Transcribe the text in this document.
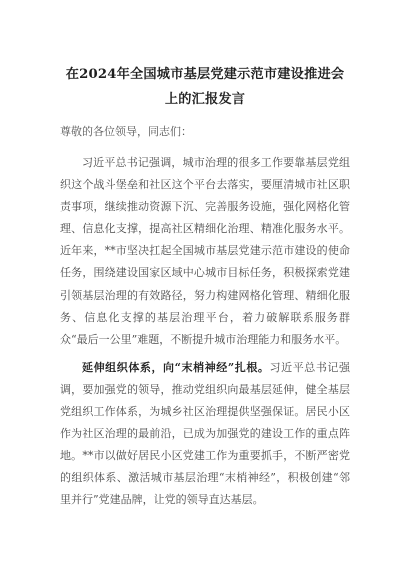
在2024年全国城市基层党建示范市建设推进会上的汇报发言
尊敬的各位领导，同志们：
习近平总书记强调，城市治理的很多工作要靠基层党组织这个战斗堡垒和社区这个平台去落实，要厘清城市社区职责事项，继续推动资源下沉、完善服务设施，强化网格化管理、信息化支撑，提高社区精细化治理、精准化服务水平。近年来，**市坚决扛起全国城市基层党建示范市建设的使命任务，围绕建设国家区域中心城市目标任务，积极探索党建引领基层治理的有效路径，努力构建网格化管理、精细化服务、信息化支撑的基层治理平台，着力破解联系服务群众“最后一公里”难题，不断提升城市治理能力和服务水平。
延伸组织体系，向“末梢神经”扎根。习近平总书记强调，要加强党的领导，推动党组织向最基层延伸，健全基层党组织工作体系，为城乡社区治理提供坚强保证。居民小区作为社区治理的最前沿，已成为加强党的建设工作的重点阵地。**市以做好居民小区党建工作为重要抓手，不断严密党的组织体系、激活城市基层治理“末梢神经”，积极创建“邻里并行”党建品牌，让党的领导直达基层。
